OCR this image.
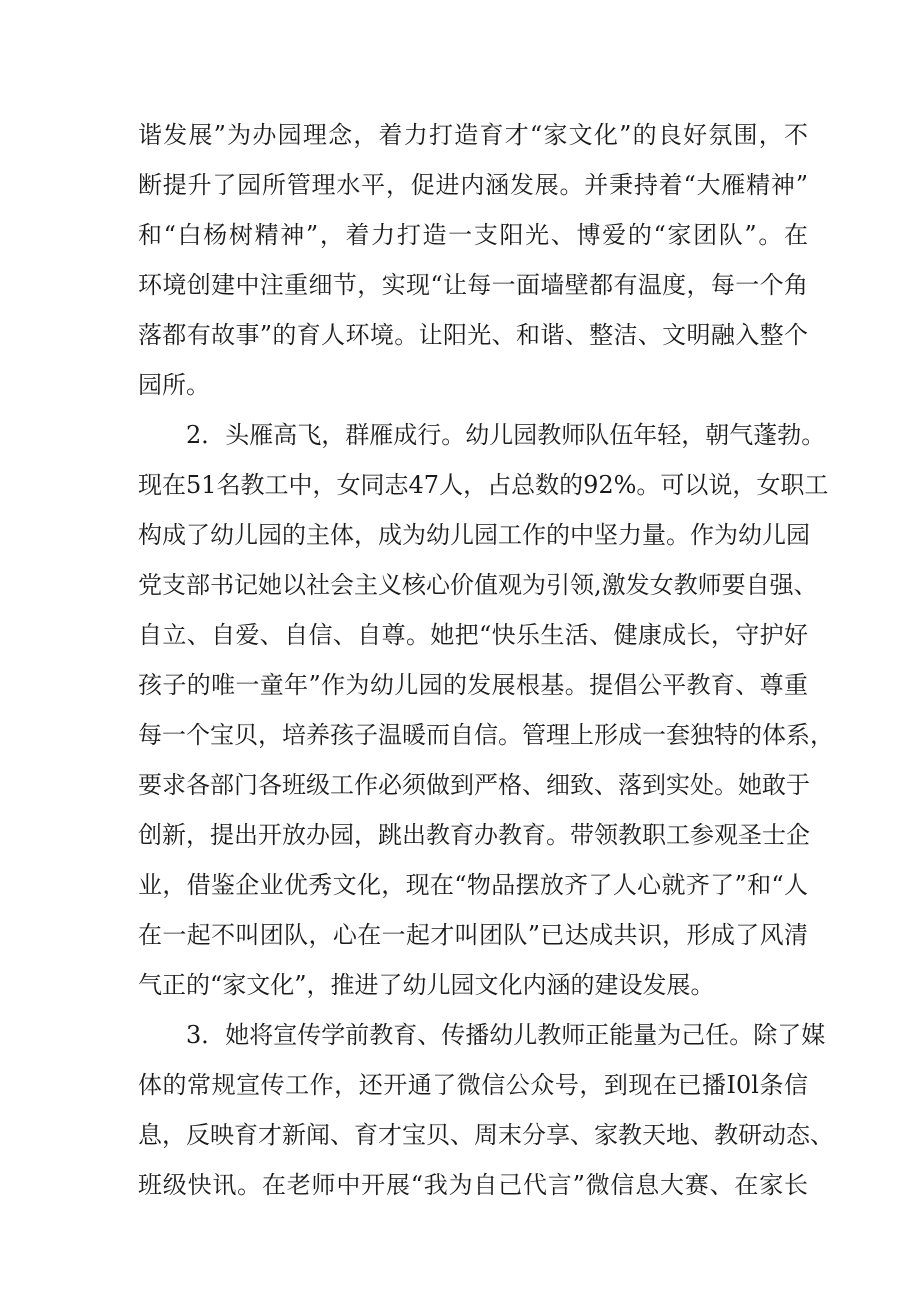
谐发展”为办园理念，着力打造育才“家文化”的良好氛围，不
断提升了园所管理水平，促进内涵发展。并秉持着“大雁精神”
和“白杨树精神”，着力打造一支阳光、博爱的“家团队”。在
环境创建中注重细节，实现“让每一面墙壁都有温度，每一个角
落都有故事”的育人环境。让阳光、和谐、整洁、文明融入整个
园所。
　　2．头雁高飞，群雁成行。幼儿园教师队伍年轻，朝气蓬勃。
现在51名教工中，女同志47人，占总数的92%。可以说，女职工
构成了幼儿园的主体，成为幼儿园工作的中坚力量。作为幼儿园
党支部书记她以社会主义核心价值观为引领,激发女教师要自强、
自立、自爱、自信、自尊。她把“快乐生活、健康成长，守护好
孩子的唯一童年”作为幼儿园的发展根基。提倡公平教育、尊重
每一个宝贝，培养孩子温暖而自信。管理上形成一套独特的体系，
要求各部门各班级工作必须做到严格、细致、落到实处。她敢于
创新，提出开放办园，跳出教育办教育。带领教职工参观圣士企
业，借鉴企业优秀文化，现在“物品摆放齐了人心就齐了”和“人
在一起不叫团队，心在一起才叫团队”已达成共识，形成了风清
气正的“家文化”，推进了幼儿园文化内涵的建设发展。
　　3．她将宣传学前教育、传播幼儿教师正能量为己任。除了媒
体的常规宣传工作，还开通了微信公众号，到现在已播I0l条信
息，反映育才新闻、育才宝贝、周末分享、家教天地、教研动态、
班级快讯。在老师中开展“我为自己代言”微信息大赛、在家长
